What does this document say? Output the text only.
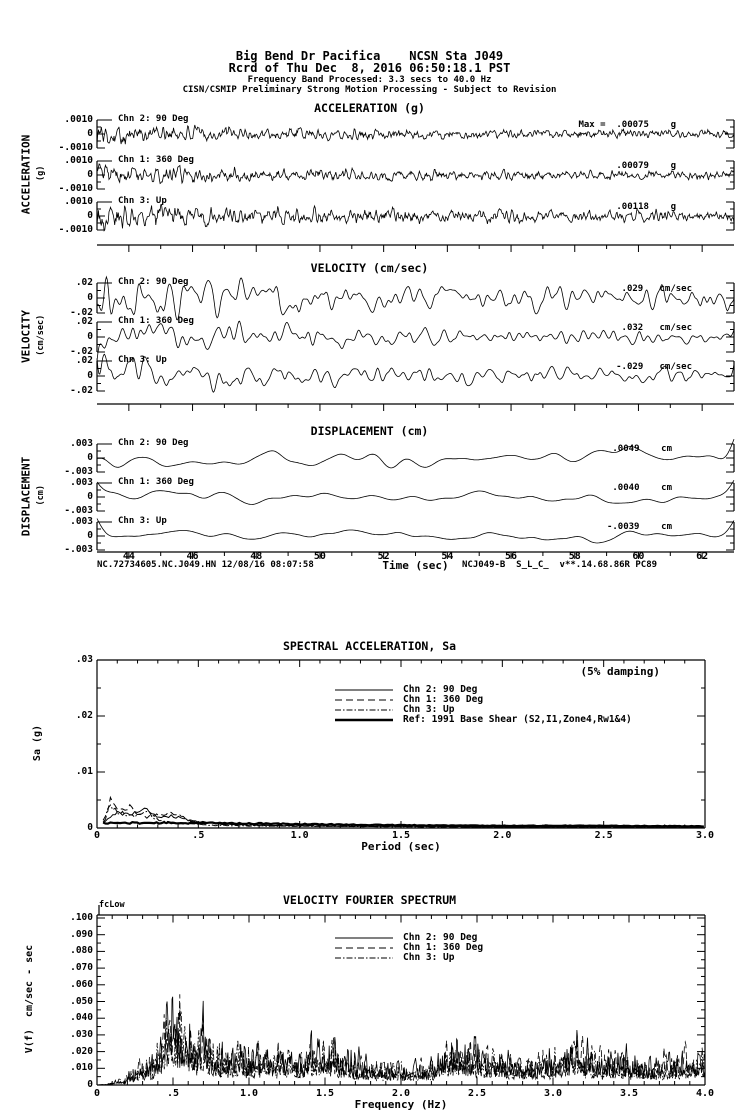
Big Bend Dr Pacifica    NCSN Sta J049
Rcrd of Thu Dec  8, 2016 06:50:18.1 PST
Frequency Band Processed: 3.3 secs to 40.0 Hz
CISN/CSMIP Preliminary Strong Motion Processing - Subject to Revision
ACCELERATION (g)
VELOCITY (cm/sec)
DISPLACEMENT (cm)
SPECTRAL ACCELERATION, Sa
VELOCITY FOURIER SPECTRUM
ACCELERATION (g)
VELOCITY (cm/sec)
DISPLACEMENT (cm)
Sa (g)
V(f)  cm/sec - sec
Time (sec)
Period (sec)
Frequency (Hz)
(5% damping)
fcLow
NC.72734605.NC.J049.HN 12/08/16 08:07:58	NCJ049-B  S_L_C_  v**.14.68.86R PC89
.0010
0
-.0010
Chn 2: 90 Deg
Max =  .00075    g
.0010
0
-.0010
Chn 1: 360 Deg
.00079    g
.0010
0
-.0010
Chn 3: Up
.00118    g
.02
0
-.02
Chn 2: 90 Deg
.029   cm/sec
.02
0
-.02
Chn 1: 360 Deg
.032   cm/sec
.02
0
-.02
Chn 3: Up
-.029   cm/sec
.003
0
-.003
Chn 2: 90 Deg
.0049    cm
.003
0
-.003
Chn 1: 360 Deg
.0040    cm
.003
0
-.003
Chn 3: Up
-.0039    cm
44	46	48	50	52	54	56	58	60	62
.03
.02
.01
0
0	.5	1.0	1.5	2.0	2.5	3.0
Chn 2: 90 Deg
Chn 1: 360 Deg
Chn 3: Up
Ref: 1991 Base Shear (S2,I1,Zone4,Rw1&4)
.100
.090
.080
.070
.060
.050
.040
.030
.020
.010
0
0	.5	1.0	1.5	2.0	2.5	3.0	3.5	4.0
Chn 2: 90 Deg
Chn 1: 360 Deg
Chn 3: Up
